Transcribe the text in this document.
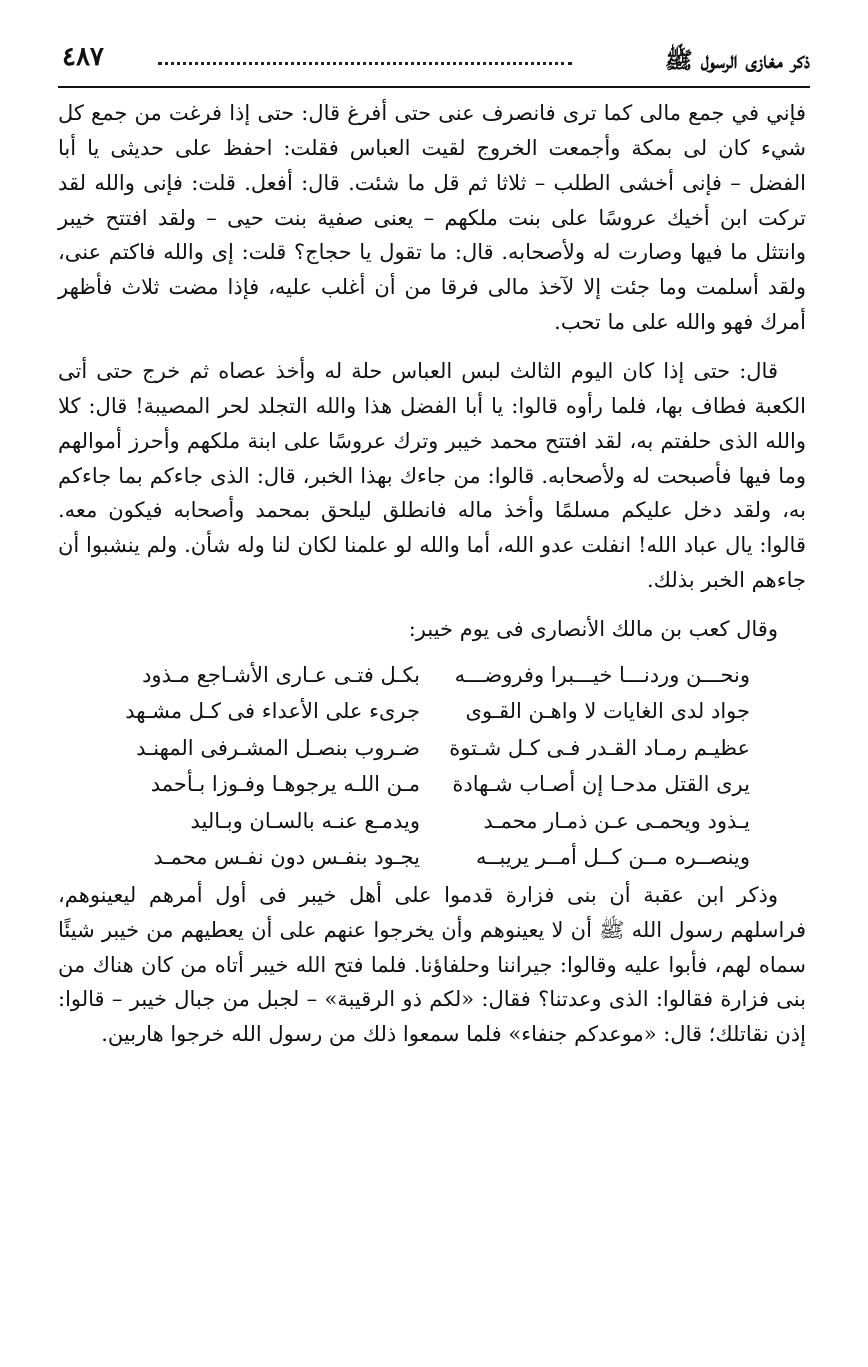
ذكر مغازى الرسول ﷺ
٤٨٧

فإني في جمع مالى كما ترى فانصرف عنى حتى أفرغ قال: حتى إذا فرغت من جمع كل شيء كان لى بمكة وأجمعت الخروج لقيت العباس فقلت: احفظ على حديثى يا أبا الفضل – فإنى أخشى الطلب – ثلاثا ثم قل ما شئت. قال: أفعل. قلت: فإنى والله لقد تركت ابن أخيك عروسًا على بنت ملكهم – يعنى صفية بنت حيى – ولقد افتتح خيبر وانتثل ما فيها وصارت له ولأصحابه. قال: ما تقول يا حجاج؟ قلت: إى والله فاكتم عنى، ولقد أسلمت وما جئت إلا لآخذ مالى فرقا من أن أغلب عليه، فإذا مضت ثلاث فأظهر أمرك فهو والله على ما تحب.

قال: حتى إذا كان اليوم الثالث لبس العباس حلة له وأخذ عصاه ثم خرج حتى أتى الكعبة فطاف بها، فلما رأوه قالوا: يا أبا الفضل هذا والله التجلد لحر المصيبة! قال: كلا والله الذى حلفتم به، لقد افتتح محمد خيبر وترك عروسًا على ابنة ملكهم وأحرز أموالهم وما فيها فأصبحت له ولأصحابه. قالوا: من جاءك بهذا الخبر، قال: الذى جاءكم بما جاءكم به، ولقد دخل عليكم مسلمًا وأخذ ماله فانطلق ليلحق بمحمد وأصحابه فيكون معه. قالوا: يال عباد الله! انفلت عدو الله، أما والله لو علمنا لكان لنا وله شأن. ولم ينشبوا أن جاءهم الخبر بذلك.

وقال كعب بن مالك الأنصارى فى يوم خيبر:

ونحـــن وردنـــا خيـــبرا وفروضـــه
بكـل فتـى عـارى الأشـاجع مـذود
جواد لدى الغايات لا واهـن القـوى
جرىء على الأعداء فى كـل مشـهد
عظيـم رمـاد القـدر فـى كـل شـتوة
ضـروب بنصـل المشـرفى المهنـد
يرى القتل مدحـا إن أصـاب شـهادة
مـن اللـه يرجوهـا وفـوزا بـأحمد
يـذود ويحمـى عـن ذمـار محمـد
ويدمـع عنـه بالسـان وبـاليد
وينصــره مــن كــل أمــر يريبــه
يجـود بنفـس دون نفـس محمـد

وذكر ابن عقبة أن بنى فزارة قدموا على أهل خيبر فى أول أمرهم ليعينوهم، فراسلهم رسول الله ﷺ أن لا يعينوهم وأن يخرجوا عنهم على أن يعطيهم من خيبر شيئًا سماه لهم، فأبوا عليه وقالوا: جيراننا وحلفاؤنا. فلما فتح الله خيبر أتاه من كان هناك من بنى فزارة فقالوا: الذى وعدتنا؟ فقال: «لكم ذو الرقيبة» – لجبل من جبال خيبر – قالوا: إذن نقاتلك؛ قال: «موعدكم جنفاء» فلما سمعوا ذلك من رسول الله خرجوا هاربين.
